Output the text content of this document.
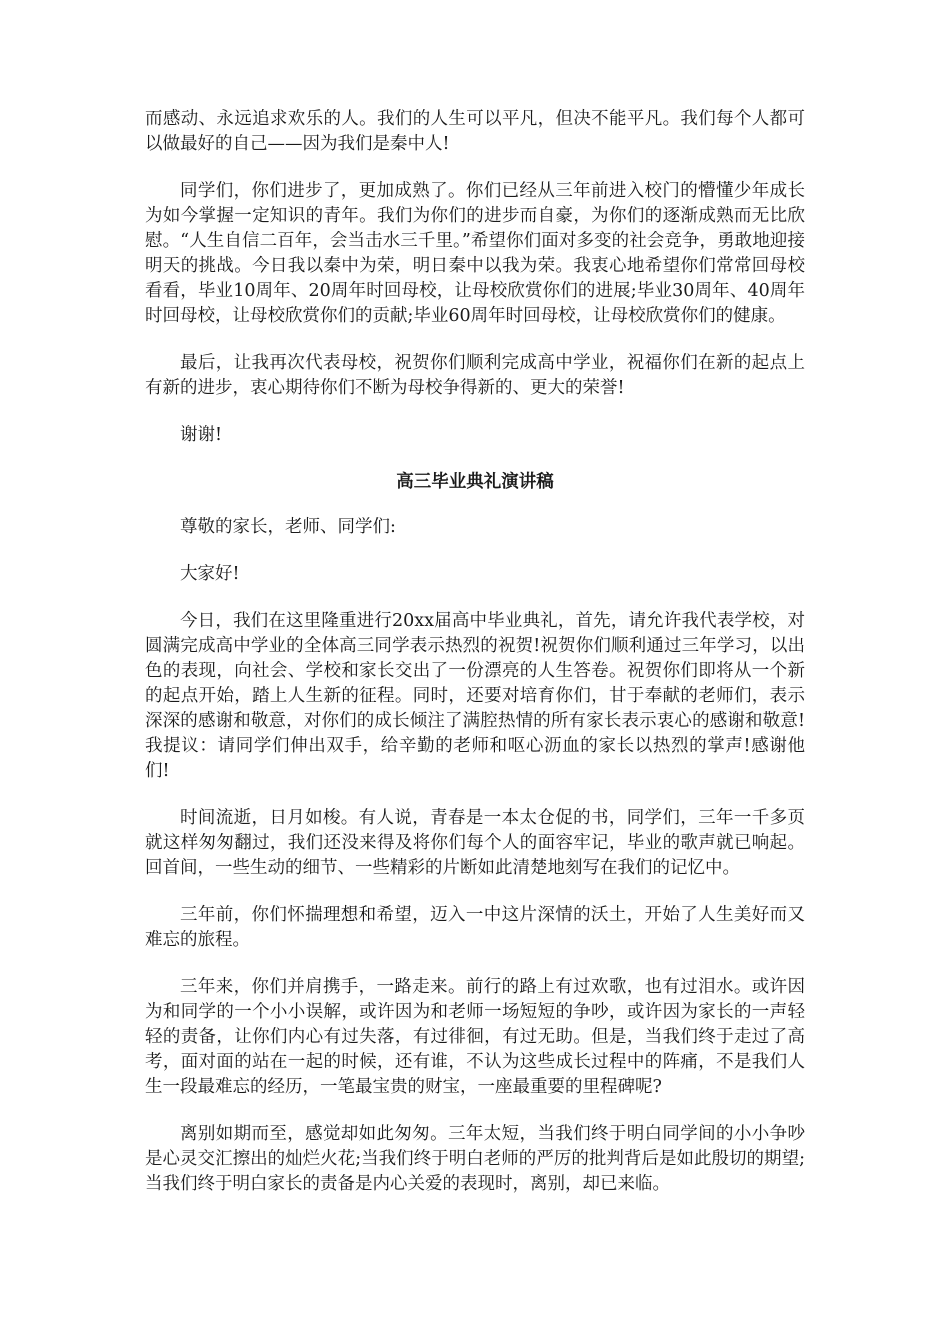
而感动、永远追求欢乐的人。我们的人生可以平凡，但决不能平凡。我们每个人都可以做最好的自己——因为我们是秦中人!

同学们，你们进步了，更加成熟了。你们已经从三年前进入校门的懵懂少年成长为如今掌握一定知识的青年。我们为你们的进步而自豪，为你们的逐渐成熟而无比欣慰。“人生自信二百年，会当击水三千里。”希望你们面对多变的社会竞争，勇敢地迎接明天的挑战。今日我以秦中为荣，明日秦中以我为荣。我衷心地希望你们常常回母校看看，毕业10周年、20周年时回母校，让母校欣赏你们的进展;毕业30周年、40周年时回母校，让母校欣赏你们的贡献;毕业60周年时回母校，让母校欣赏你们的健康。

最后，让我再次代表母校，祝贺你们顺利完成高中学业，祝福你们在新的起点上有新的进步，衷心期待你们不断为母校争得新的、更大的荣誉!

谢谢!

高三毕业典礼演讲稿

尊敬的家长，老师、同学们:

大家好!

今日，我们在这里隆重进行20xx届高中毕业典礼，首先，请允许我代表学校，对圆满完成高中学业的全体高三同学表示热烈的祝贺!祝贺你们顺利通过三年学习，以出色的表现，向社会、学校和家长交出了一份漂亮的人生答卷。祝贺你们即将从一个新的起点开始，踏上人生新的征程。同时，还要对培育你们，甘于奉献的老师们，表示深深的感谢和敬意，对你们的成长倾注了满腔热情的所有家长表示衷心的感谢和敬意!我提议：请同学们伸出双手，给辛勤的老师和呕心沥血的家长以热烈的掌声!感谢他们!

时间流逝，日月如梭。有人说，青春是一本太仓促的书，同学们，三年一千多页就这样匆匆翻过，我们还没来得及将你们每个人的面容牢记，毕业的歌声就已响起。回首间，一些生动的细节、一些精彩的片断如此清楚地刻写在我们的记忆中。

三年前，你们怀揣理想和希望，迈入一中这片深情的沃土，开始了人生美好而又难忘的旅程。

三年来，你们并肩携手，一路走来。前行的路上有过欢歌，也有过泪水。或许因为和同学的一个小小误解，或许因为和老师一场短短的争吵，或许因为家长的一声轻轻的责备，让你们内心有过失落，有过徘徊，有过无助。但是，当我们终于走过了高考，面对面的站在一起的时候，还有谁，不认为这些成长过程中的阵痛，不是我们人生一段最难忘的经历，一笔最宝贵的财宝，一座最重要的里程碑呢?

离别如期而至，感觉却如此匆匆。三年太短，当我们终于明白同学间的小小争吵是心灵交汇擦出的灿烂火花;当我们终于明白老师的严厉的批判背后是如此殷切的期望;当我们终于明白家长的责备是内心关爱的表现时，离别，却已来临。
